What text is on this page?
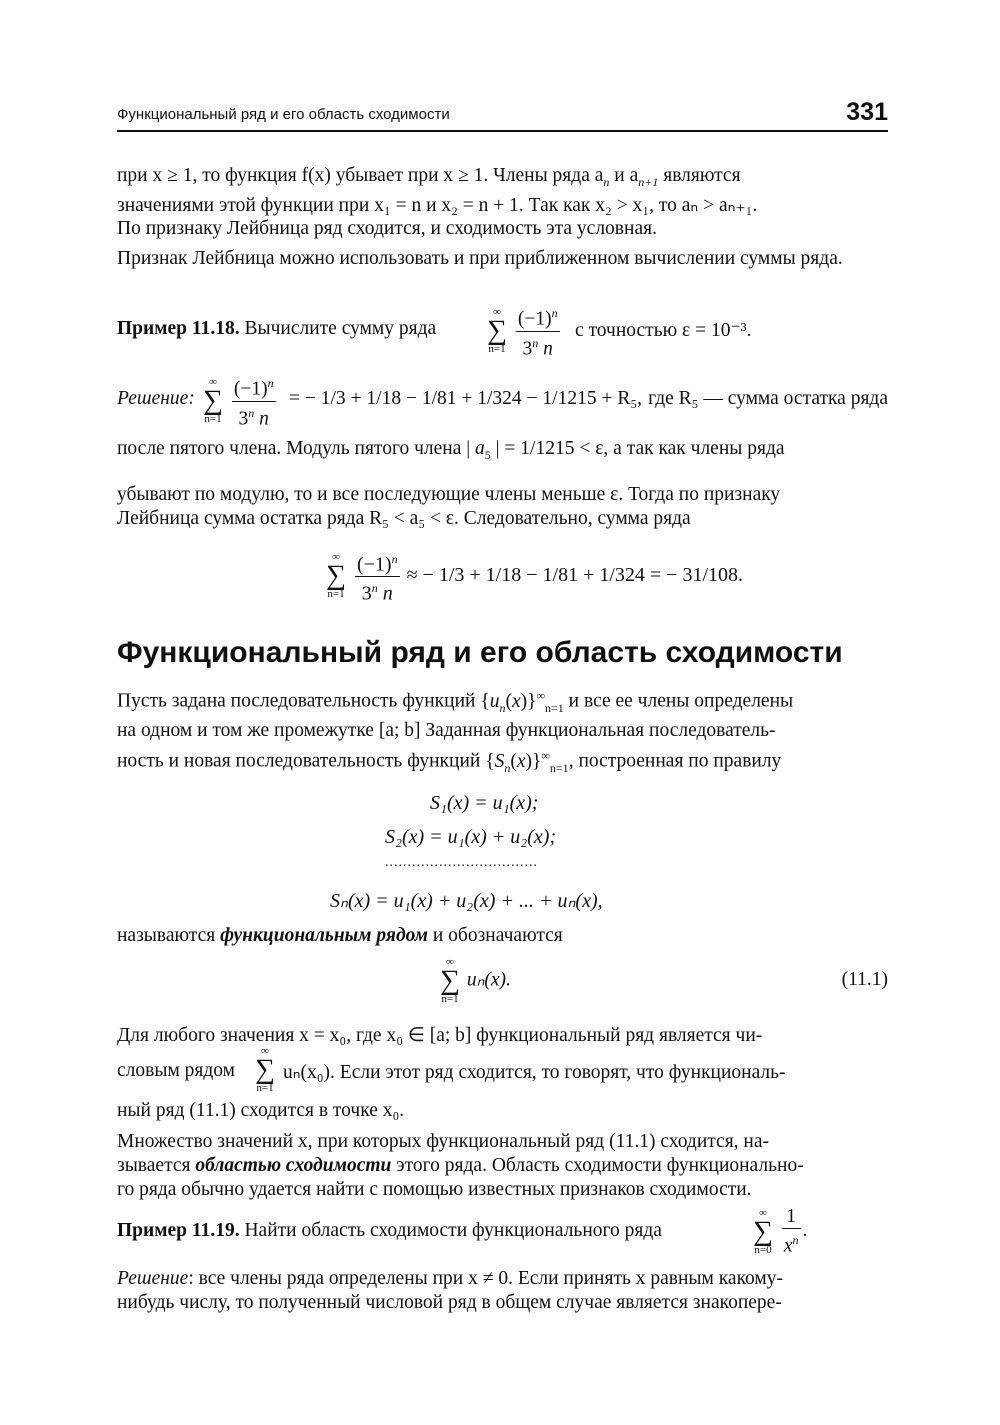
Функциональный ряд и его область сходимости	331
при x ≥ 1, то функция f(x) убывает при x ≥ 1. Члены ряда $a_n$ и $a_{n+1}$ являются
значениями этой функции при x₁ = n и x₂ = n + 1. Так как x₂ > x₁, то aₙ > aₙ₊₁.
По признаку Лейбница ряд сходится, и сходимость эта условная.
Признак Лейбница можно использовать и при приближенном вычислении суммы ряда.
Пример 11.18. Вычислите сумму ряда
∞
∑
n=1
$\frac{(-1)^n}{3^n n}$ с точностью ε = 10⁻³.
Решение:
∞
∑
n=1
$\frac{(-1)^n}{3^n n}$ = − 1/3 + 1/18 − 1/81 + 1/324 − 1/1215 + R₅, где R₅ — сумма остатка ряда
после пятого члена. Модуль пятого члена | $a_5$ | = 1/1215 < ε, а так как члены ряда
убывают по модулю, то и все последующие члены меньше ε. Тогда по признаку
Лейбница сумма остатка ряда R₅ < a₅ < ε. Следовательно, сумма ряда
∞
∑
n=1
$\frac{(-1)^n}{3^n n}$ ≈ − 1/3 + 1/18 − 1/81 + 1/324 = − 31/108.
Функциональный ряд и его область сходимости
Пусть задана последовательность функций $\{u_n(x)\}^\infty_{n=1}$ и все ее члены определены
на одном и том же промежутке [a; b] Заданная функциональная последователь-
ность и новая последовательность функций $\{S_n(x)\}^\infty_{n=1}$, построенная по правилу
S₁(x) = u₁(x);
S₂(x) = u₁(x) + u₂(x);
..................................
Sₙ(x) = u₁(x) + u₂(x) + ... + uₙ(x),
называются функциональным рядом и обозначаются
∞
∑
n=1
uₙ(x).	(11.1)
Для любого значения x = x₀, где x₀ ∈ [a; b] функциональный ряд является чи-
словым рядом
∞
∑
n=1
uₙ(x₀). Если этот ряд сходится, то говорят, что функциональ-
ный ряд (11.1) сходится в точке x₀.
Множество значений x, при которых функциональный ряд (11.1) сходится, на-
зывается областью сходимости этого ряда. Область сходимости функционально-
го ряда обычно удается найти с помощью известных признаков сходимости.
Пример 11.19. Найти область сходимости функционального ряда
∞
∑
n=0
$\frac{1}{x^n}$ .
Решение: все члены ряда определены при x ≠ 0. Если принять x равным какому-
нибудь числу, то полученный числовой ряд в общем случае является знакопере-
